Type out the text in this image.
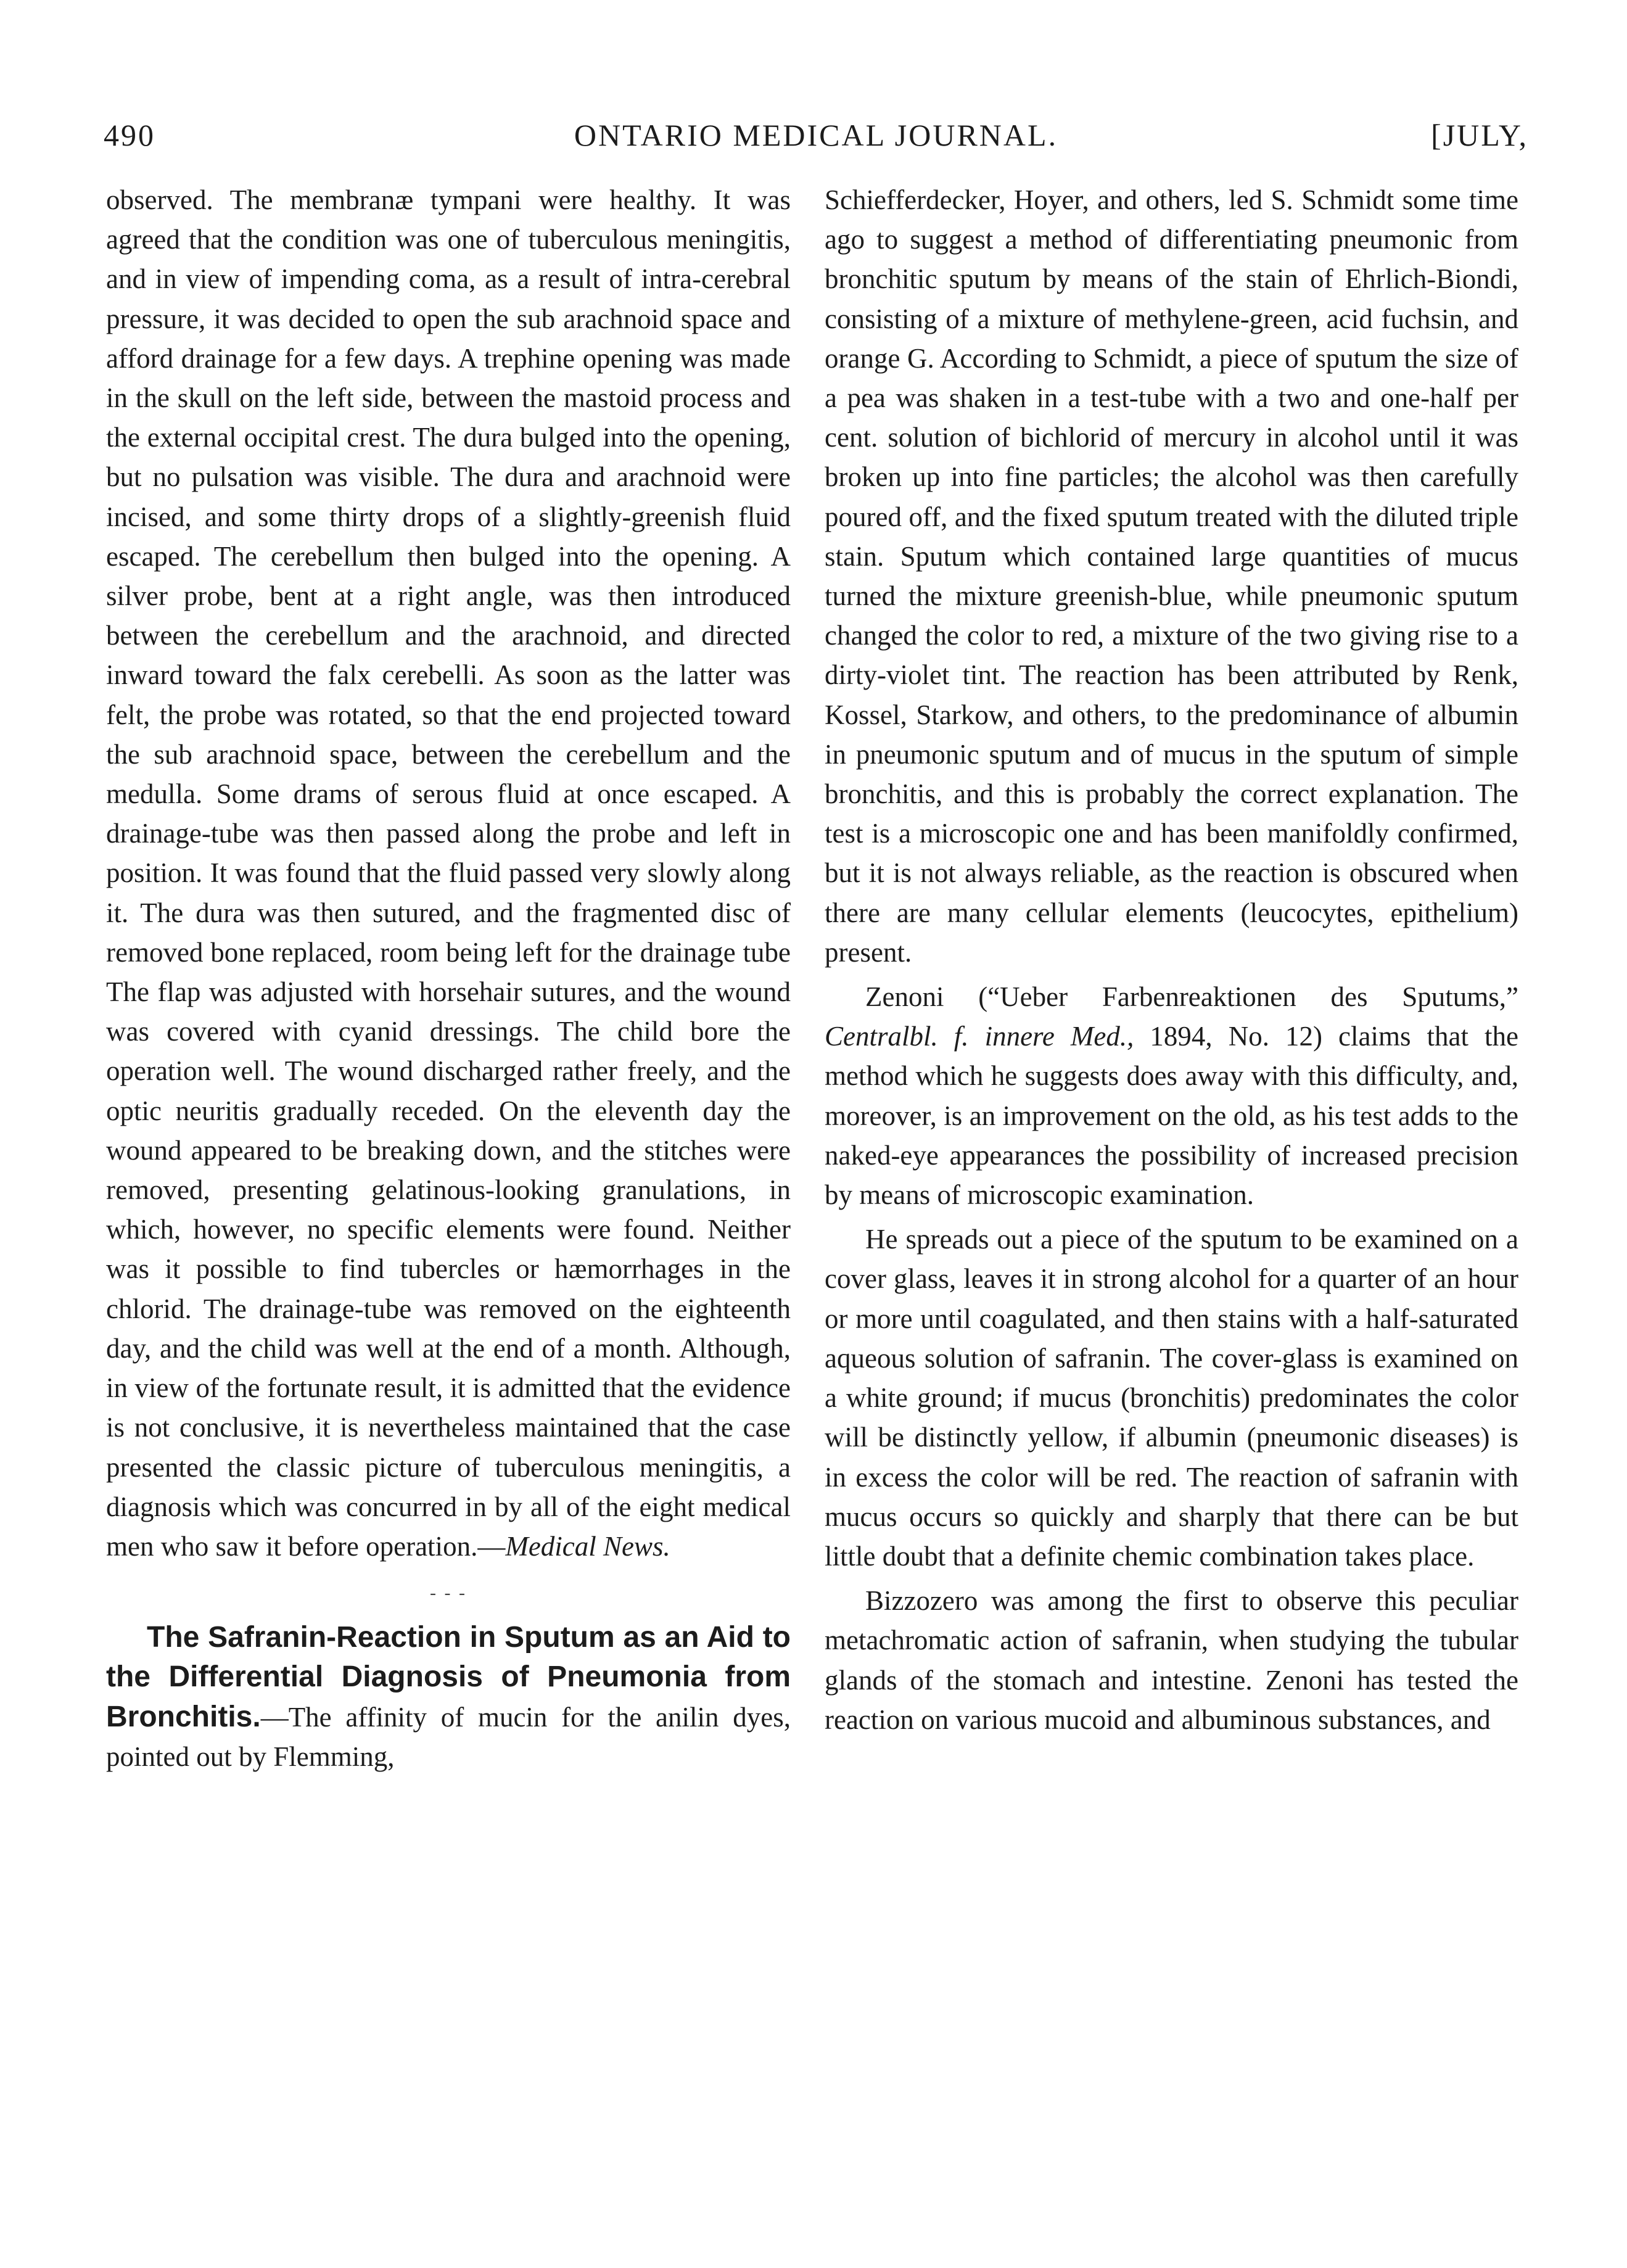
490	ONTARIO MEDICAL JOURNAL.	[JULY,

observed. The membranæ tympani were healthy. It was agreed that the condition was one of tuberculous meningitis, and in view of impending coma, as a result of intra-cerebral pressure, it was decided to open the sub arachnoid space and afford drainage for a few days. A trephine opening was made in the skull on the left side, between the mastoid process and the external occipital crest. The dura bulged into the opening, but no pulsation was visible. The dura and arachnoid were incised, and some thirty drops of a slightly-greenish fluid escaped. The cerebellum then bulged into the opening. A silver probe, bent at a right angle, was then introduced between the cerebellum and the arachnoid, and directed inward toward the falx cerebelli. As soon as the latter was felt, the probe was rotated, so that the end projected toward the sub arachnoid space, between the cerebellum and the medulla. Some drams of serous fluid at once escaped. A drainage-tube was then passed along the probe and left in position. It was found that the fluid passed very slowly along it. The dura was then sutured, and the fragmented disc of removed bone replaced, room being left for the drainage tube The flap was adjusted with horsehair sutures, and the wound was covered with cyanid dressings. The child bore the operation well. The wound discharged rather freely, and the optic neuritis gradually receded. On the eleventh day the wound appeared to be breaking down, and the stitches were removed, presenting gelatinous-looking granulations, in which, however, no specific elements were found. Neither was it possible to find tubercles or hæmorrhages in the chlorid. The drainage-tube was removed on the eighteenth day, and the child was well at the end of a month. Although, in view of the fortunate result, it is admitted that the evidence is not conclusive, it is nevertheless maintained that the case presented the classic picture of tuberculous meningitis, a diagnosis which was concurred in by all of the eight medical men who saw it before operation.—Medical News.

- - -

The Safranin-Reaction in Sputum as an Aid to the Differential Diagnosis of Pneumonia from Bronchitis.—The affinity of mucin for the anilin dyes, pointed out by Flemming,

Schiefferdecker, Hoyer, and others, led S. Schmidt some time ago to suggest a method of differentiating pneumonic from bronchitic sputum by means of the stain of Ehrlich-Biondi, consisting of a mixture of methylene-green, acid fuchsin, and orange G. According to Schmidt, a piece of sputum the size of a pea was shaken in a test-tube with a two and one-half per cent. solution of bichlorid of mercury in alcohol until it was broken up into fine particles; the alcohol was then carefully poured off, and the fixed sputum treated with the diluted triple stain. Sputum which contained large quantities of mucus turned the mixture greenish-blue, while pneumonic sputum changed the color to red, a mixture of the two giving rise to a dirty-violet tint. The reaction has been attributed by Renk, Kossel, Starkow, and others, to the predominance of albumin in pneumonic sputum and of mucus in the sputum of simple bronchitis, and this is probably the correct explanation. The test is a microscopic one and has been manifoldly confirmed, but it is not always reliable, as the reaction is obscured when there are many cellular elements (leucocytes, epithelium) present.

Zenoni (“Ueber Farbenreaktionen des Sputums,” Centralbl. f. innere Med., 1894, No. 12) claims that the method which he suggests does away with this difficulty, and, moreover, is an improvement on the old, as his test adds to the naked-eye appearances the possibility of increased precision by means of microscopic examination.

He spreads out a piece of the sputum to be examined on a cover glass, leaves it in strong alcohol for a quarter of an hour or more until coagulated, and then stains with a half-saturated aqueous solution of safranin. The cover-glass is examined on a white ground; if mucus (bronchitis) predominates the color will be distinctly yellow, if albumin (pneumonic diseases) is in excess the color will be red. The reaction of safranin with mucus occurs so quickly and sharply that there can be but little doubt that a definite chemic combination takes place.

Bizzozero was among the first to observe this peculiar metachromatic action of safranin, when studying the tubular glands of the stomach and intestine. Zenoni has tested the reaction on various mucoid and albuminous substances, and
